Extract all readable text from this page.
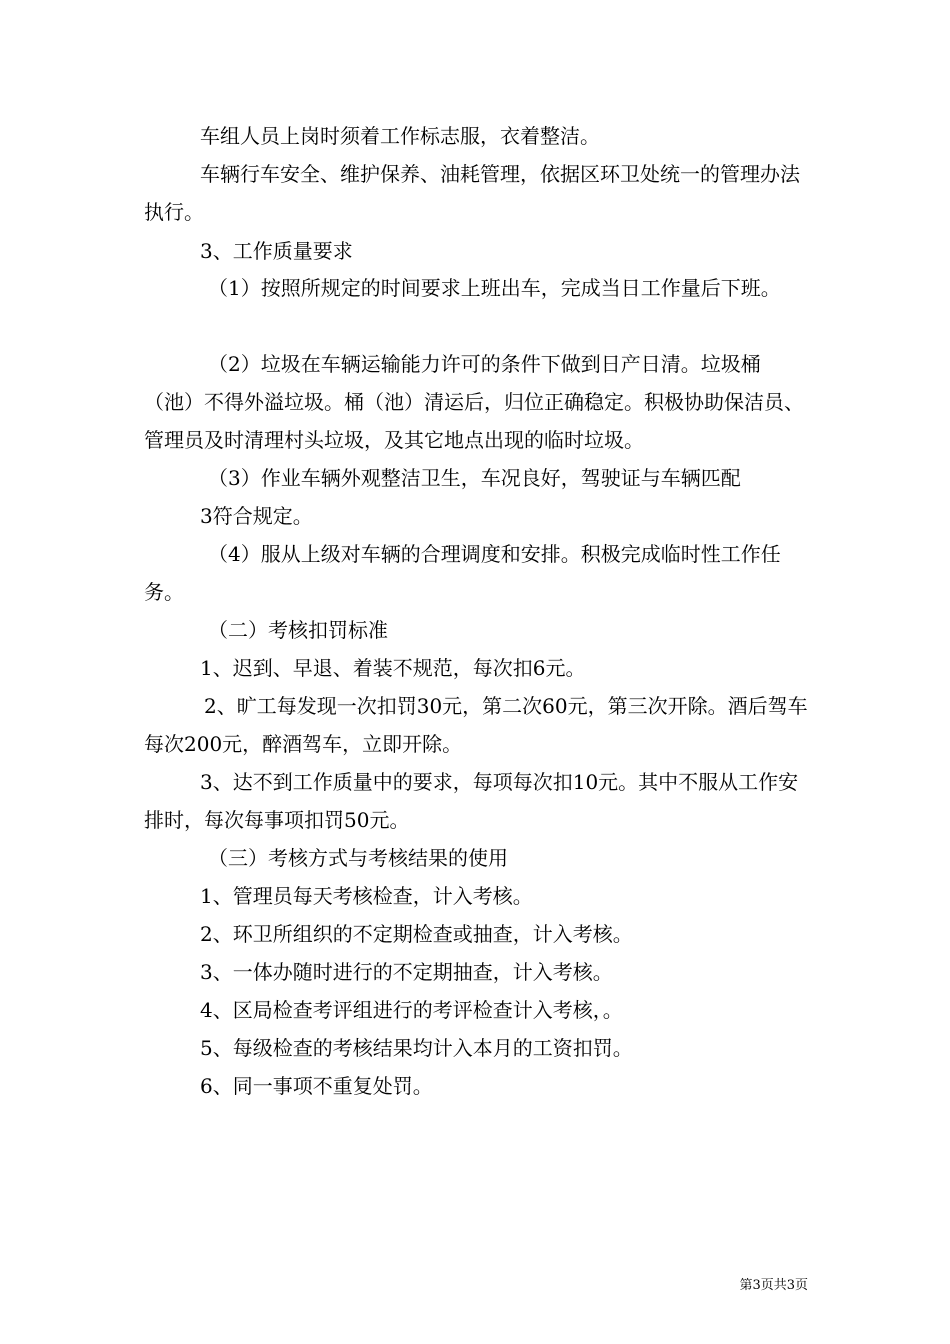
车组人员上岗时须着工作标志服，衣着整洁。

车辆行车安全、维护保养、油耗管理，依据区环卫处统一的管理办法执行。

3、工作质量要求

（1）按照所规定的时间要求上班出车，完成当日工作量后下班。

（2）垃圾在车辆运输能力许可的条件下做到日产日清。垃圾桶（池）不得外溢垃圾。桶（池）清运后，归位正确稳定。积极协助保洁员、管理员及时清理村头垃圾，及其它地点出现的临时垃圾。

（3）作业车辆外观整洁卫生，车况良好，驾驶证与车辆匹配

3符合规定。

（4）服从上级对车辆的合理调度和安排。积极完成临时性工作任务。

（二）考核扣罚标准

1、迟到、早退、着装不规范，每次扣6元。

2、旷工每发现一次扣罚30元，第二次60元，第三次开除。酒后驾车每次200元，醉酒驾车，立即开除。

3、达不到工作质量中的要求，每项每次扣10元。其中不服从工作安排时，每次每事项扣罚50元。

（三）考核方式与考核结果的使用

1、管理员每天考核检查，计入考核。

2、环卫所组织的不定期检查或抽查，计入考核。

3、一体办随时进行的不定期抽查，计入考核。

4、区局检查考评组进行的考评检查计入考核，。

5、每级检查的考核结果均计入本月的工资扣罚。

6、同一事项不重复处罚。

第3页共3页
